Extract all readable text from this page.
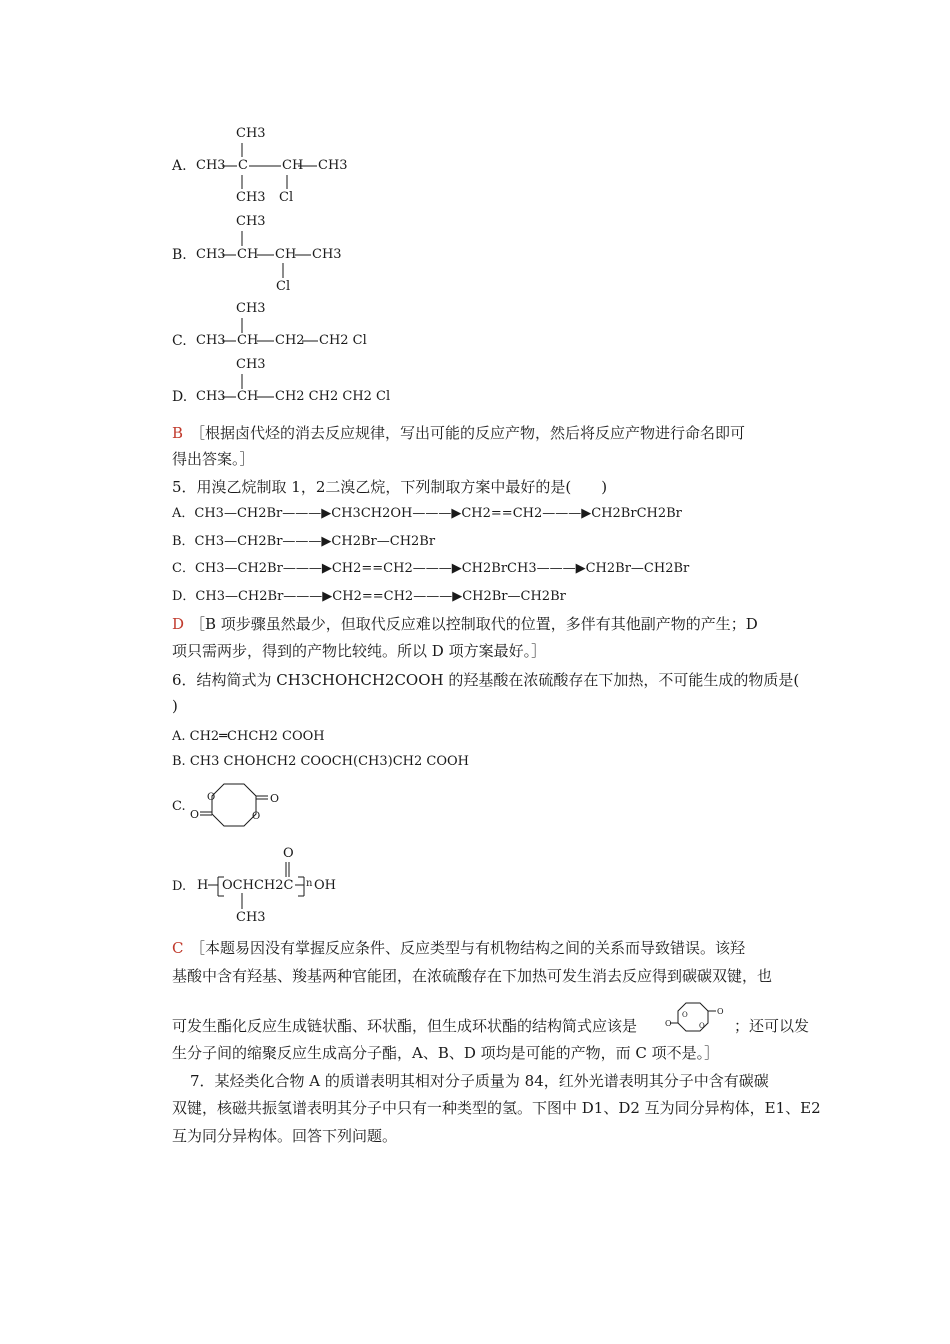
A.
CH3
CH3 C	CH CH3
CH3 Cl
B.
CH3
CH3 CH CH CH3
Cl
C.
CH3
CH3 CH CH2 CH2 Cl
D.
CH3
CH3 CH CH2 CH2 CH2 Cl
B ［根据卤代烃的消去反应规律，写出可能的反应产物，然后将反应产物进行命名即可
得出答案。］
5．用溴乙烷制取 1，2二溴乙烷，下列制取方案中最好的是(　　)
A．CH3—CH2Br———▶CH3CH2OH———▶CH2==CH2———▶CH2BrCH2Br
B．CH3—CH2Br———▶CH2Br—CH2Br
C．CH3—CH2Br———▶CH2==CH2———▶CH2BrCH3———▶CH2Br—CH2Br
D．CH3—CH2Br———▶CH2==CH2———▶CH2Br—CH2Br
D ［B 项步骤虽然最少，但取代反应难以控制取代的位置，多伴有其他副产物的产生；D
项只需两步，得到的产物比较纯。所以 D 项方案最好。］
6．结构简式为 CH3CHOHCH2COOH 的羟基酸在浓硫酸存在下加热，不可能生成的物质是(
)
A. CH2═CHCH2 COOH
B. CH3 CHOHCH2 COOCH(CH3)CH2 COOH
C.
O
O
O
O
D. H OCHCH2C n OH
O
CH3
C ［本题易因没有掌握反应条件、反应类型与有机物结构之间的关系而导致错误。该羟
基酸中含有羟基、羧基两种官能团，在浓硫酸存在下加热可发生消去反应得到碳碳双键，也
可发生酯化反应生成链状酯、环状酯，但生成环状酯的结构简式应该是
O
O
O
O	；还可以发
生分子间的缩聚反应生成高分子酯，A、B、D 项均是可能的产物，而 C 项不是。］
7．某烃类化合物 A 的质谱表明其相对分子质量为 84，红外光谱表明其分子中含有碳碳
双键，核磁共振氢谱表明其分子中只有一种类型的氢。下图中 D1、D2 互为同分异构体，E1、E2
互为同分异构体。回答下列问题。
